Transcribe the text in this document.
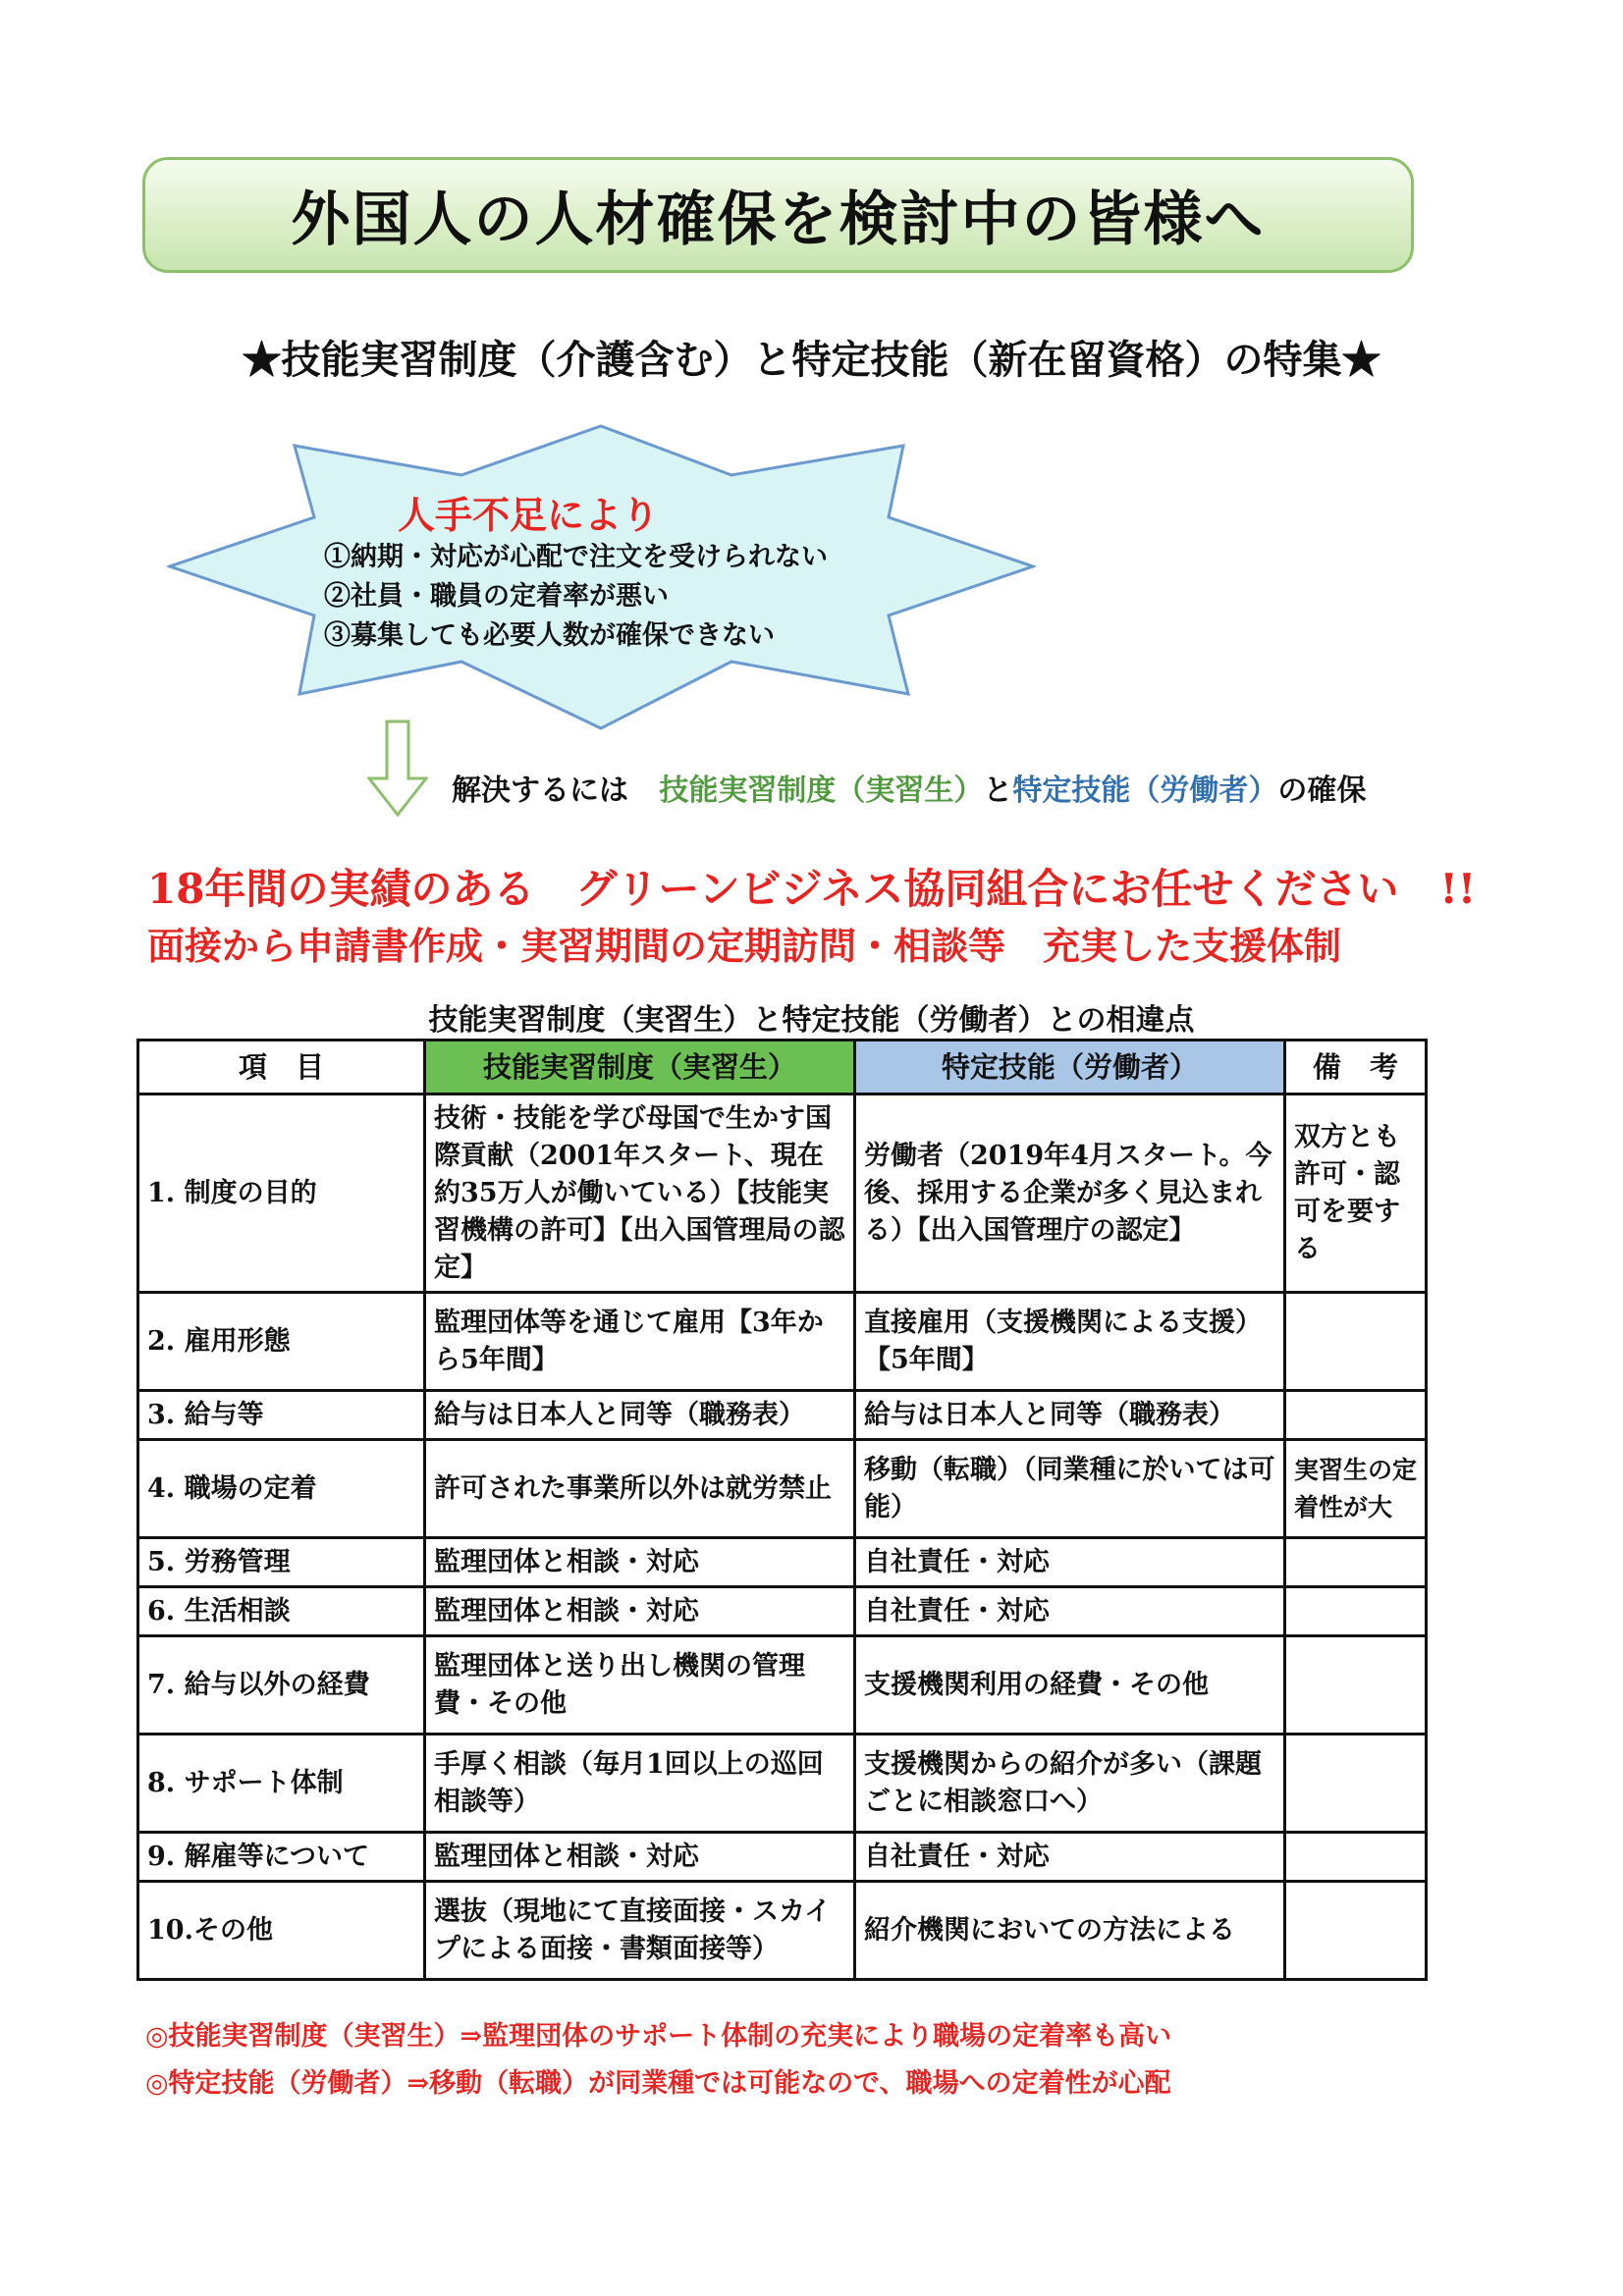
外国人の人材確保を検討中の皆様へ
★技能実習制度（介護含む）と特定技能（新在留資格）の特集★
人手不足により
①納期・対応が心配で注文を受けられない
②社員・職員の定着率が悪い
③募集しても必要人数が確保できない
解決するには 技能実習制度（実習生）と特定技能（労働者）の確保
18年間の実績のある　グリーンビジネス協同組合にお任せください　!!
面接から申請書作成・実習期間の定期訪問・相談等　充実した支援体制
技能実習制度（実習生）と特定技能（労働者）との相違点
項　目	技能実習制度（実習生）	特定技能（労働者）	備　考
1. 制度の目的	技術・技能を学び母国で生かす国際貢献（2001年スタート、現在約35万人が働いている）【技能実習機構の許可】【出入国管理局の認定】	労働者（2019年4月スタート。今後、採用する企業が多く見込まれる）【出入国管理庁の認定】	双方とも許可・認可を要する
2. 雇用形態	監理団体等を通じて雇用【3年から5年間】	直接雇用（支援機関による支援）【5年間】	
3. 給与等	給与は日本人と同等（職務表）	給与は日本人と同等（職務表）	
4. 職場の定着	許可された事業所以外は就労禁止	移動（転職）（同業種に於いては可能）	実習生の定着性が大
5. 労務管理	監理団体と相談・対応	自社責任・対応	
6. 生活相談	監理団体と相談・対応	自社責任・対応	
7. 給与以外の経費	監理団体と送り出し機関の管理費・その他	支援機関利用の経費・その他	
8. サポート体制	手厚く相談（毎月1回以上の巡回相談等）	支援機関からの紹介が多い（課題ごとに相談窓口へ）	
9. 解雇等について	監理団体と相談・対応	自社責任・対応	
10.その他	選抜（現地にて直接面接・スカイプによる面接・書類面接等）	紹介機関においての方法による	
◎技能実習制度（実習生）⇒監理団体のサポート体制の充実により職場の定着率も高い
◎特定技能（労働者）⇒移動（転職）が同業種では可能なので、職場への定着性が心配
